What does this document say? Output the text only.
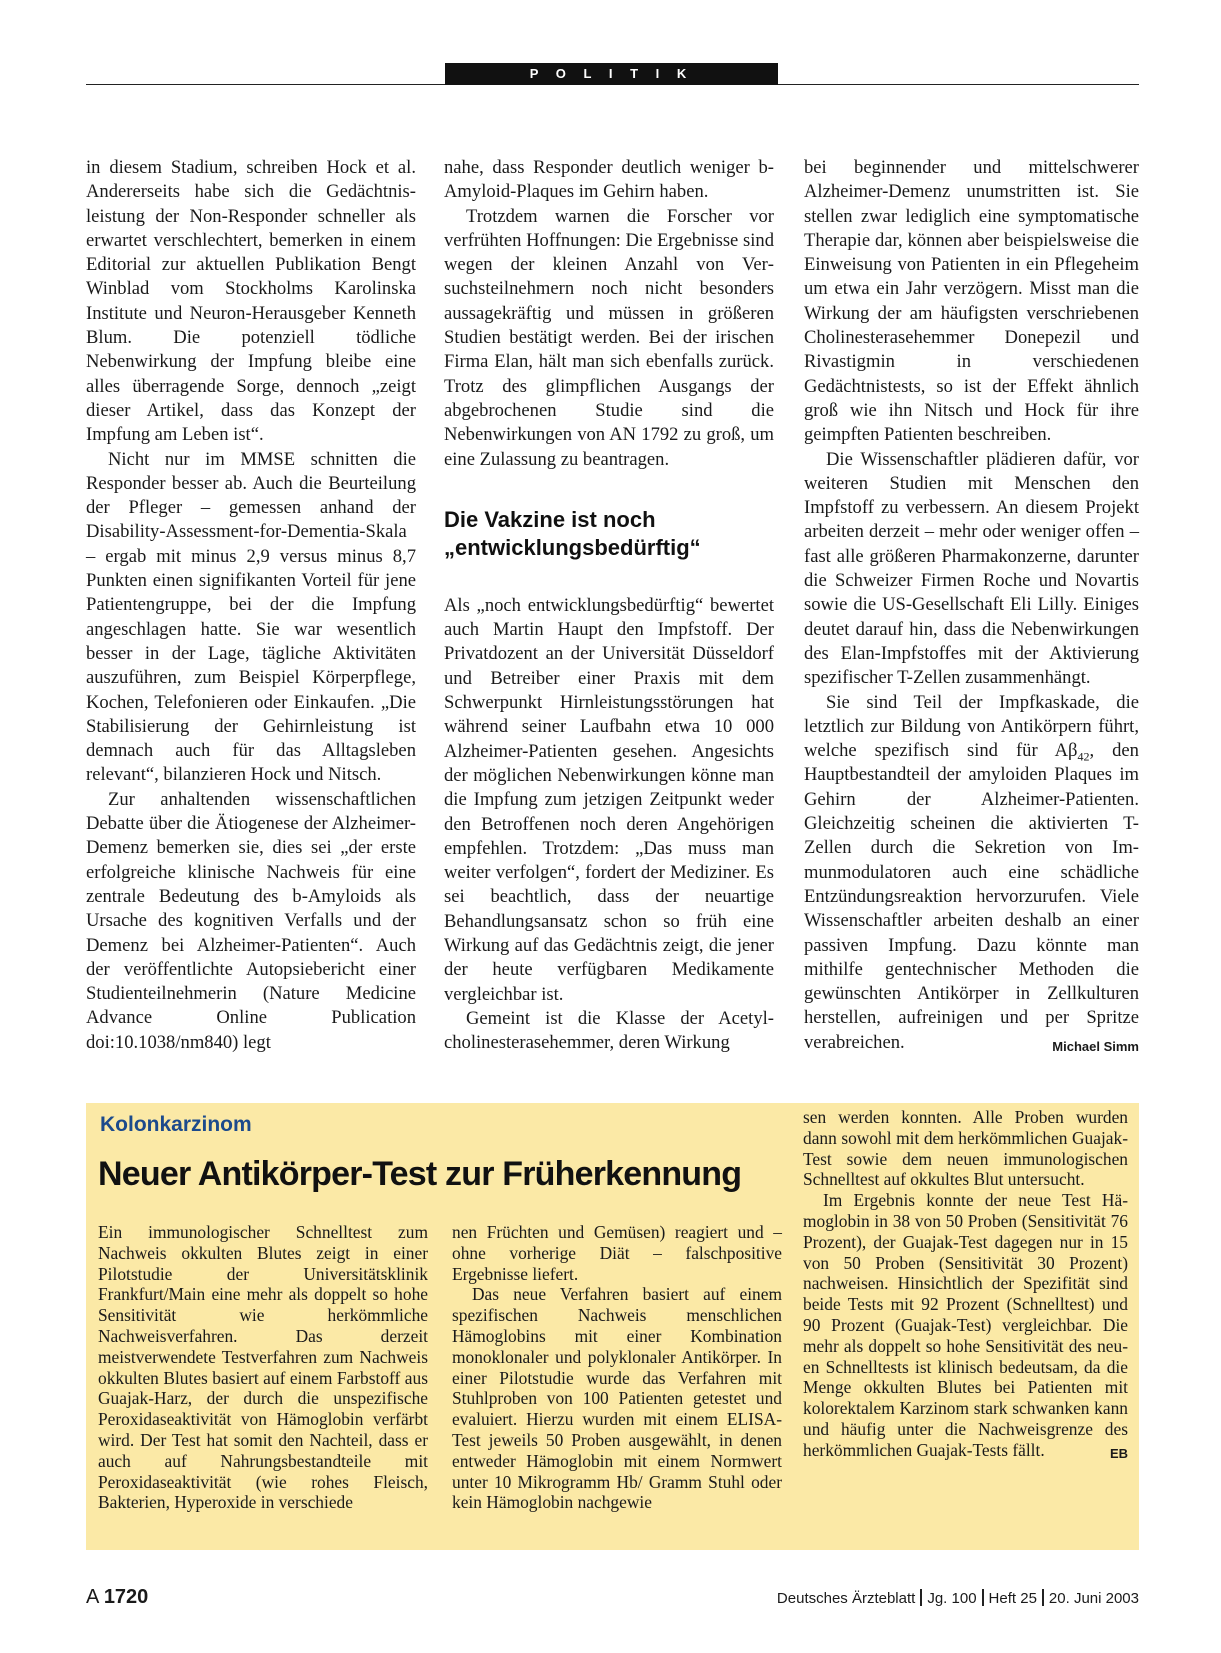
P O L I T I K

in diesem Stadium, schreiben Hock et al. Andererseits habe sich die Gedächtnisleistung der Non-Responder schneller als erwartet verschlechtert, bemerken in einem Editorial zur aktuellen Publikation Bengt Winblad vom Stockholms Karolinska Institute und Neuron-Herausgeber Kenneth Blum. Die potenziell tödliche Nebenwirkung der Impfung bleibe eine alles überragende Sorge, dennoch „zeigt dieser Artikel, dass das Konzept der Impfung am Leben ist“.

Nicht nur im MMSE schnitten die Responder besser ab. Auch die Beurteilung der Pfleger – gemessen anhand der Disability-Assessment-for-Dementia-Skala – ergab mit minus 2,9 versus minus 8,7 Punkten einen signifikanten Vorteil für jene Patientengruppe, bei der die Impfung angeschlagen hatte. Sie war wesentlich besser in der Lage, tägliche Aktivitäten auszuführen, zum Beispiel Körperpflege, Kochen, Telefonieren oder Einkaufen. „Die Stabilisierung der Gehirnleistung ist demnach auch für das Alltagsleben relevant“, bilanzieren Hock und Nitsch.

Zur anhaltenden wissenschaftlichen Debatte über die Ätiogenese der Alzheimer-Demenz bemerken sie, dies sei „der erste erfolgreiche klinische Nachweis für eine zentrale Bedeutung des b-Amyloids als Ursache des kognitiven Verfalls und der Demenz bei Alzheimer-Patienten“. Auch der veröffentlichte Autopsiebericht einer Studienteilnehmerin (Nature Medicine Advance Online Publication doi:10.1038/nm840) legt

nahe, dass Responder deutlich weniger b-Amyloid-Plaques im Gehirn haben.

Trotzdem warnen die Forscher vor verfrühten Hoffnungen: Die Ergebnisse sind wegen der kleinen Anzahl von Versuchsteilnehmern noch nicht besonders aussagekräftig und müssen in größeren Studien bestätigt werden. Bei der irischen Firma Elan, hält man sich ebenfalls zurück. Trotz des glimpflichen Ausgangs der abgebrochenen Studie sind die Nebenwirkungen von AN 1792 zu groß, um eine Zulassung zu beantragen.

Die Vakzine ist noch
„entwicklungsbedürftig“

Als „noch entwicklungsbedürftig“ bewertet auch Martin Haupt den Impfstoff. Der Privatdozent an der Universität Düsseldorf und Betreiber einer Praxis mit dem Schwerpunkt Hirnleistungsstörungen hat während seiner Laufbahn etwa 10 000 Alzheimer-Patienten gesehen. Angesichts der möglichen Nebenwirkungen könne man die Impfung zum jetzigen Zeitpunkt weder den Betroffenen noch deren Angehörigen empfehlen. Trotzdem: „Das muss man weiter verfolgen“, fordert der Mediziner. Es sei beachtlich, dass der neuartige Behandlungsansatz schon so früh eine Wirkung auf das Gedächtnis zeigt, die jener der heute verfügbaren Medikamente vergleichbar ist.

Gemeint ist die Klasse der Acetylcholinesterasehemmer, deren Wirkung

bei beginnender und mittelschwerer Alzheimer-Demenz unumstritten ist. Sie stellen zwar lediglich eine symptomatische Therapie dar, können aber beispielsweise die Einweisung von Patienten in ein Pflegeheim um etwa ein Jahr verzögern. Misst man die Wirkung der am häufigsten verschriebenen Cholinesterasehemmer Donepezil und Rivastigmin in verschiedenen Gedächtnistests, so ist der Effekt ähnlich groß wie ihn Nitsch und Hock für ihre geimpften Patienten beschreiben.

Die Wissenschaftler plädieren dafür, vor weiteren Studien mit Menschen den Impfstoff zu verbessern. An diesem Projekt arbeiten derzeit – mehr oder weniger offen – fast alle größeren Pharmakonzerne, darunter die Schweizer Firmen Roche und Novartis sowie die US-Gesellschaft Eli Lilly. Einiges deutet darauf hin, dass die Nebenwirkungen des Elan-Impfstoffes mit der Aktivierung spezifischer T-Zellen zusammenhängt.

Sie sind Teil der Impfkaskade, die letztlich zur Bildung von Antikörpern führt, welche spezifisch sind für $A\beta_{42}$, den Hauptbestandteil der amyloiden Plaques im Gehirn der Alzheimer-Patienten. Gleichzeitig scheinen die aktivierten T-Zellen durch die Sekretion von Immunmodulatoren auch eine schädliche Entzündungsreaktion hervorzurufen. Viele Wissenschaftler arbeiten deshalb an einer passiven Impfung. Dazu könnte man mithilfe gentechnischer Methoden die gewünschten Antikörper in Zellkulturen herstellen, aufreinigen und per Spritze verabreichen.	Michael Simm

Kolonkarzinom
Neuer Antikörper-Test zur Früherkennung

Ein immunologischer Schnelltest zum Nachweis okkulten Blutes zeigt in einer Pilotstudie der Universitätsklinik Frankfurt/Main eine mehr als doppelt so hohe Sensitivität wie herkömmliche Nachweisverfahren. Das derzeit meistverwendete Testverfahren zum Nachweis okkulten Blutes basiert auf einem Farbstoff aus Guajak-Harz, der durch die unspezifische Peroxidaseaktivität von Hämoglobin verfärbt wird. Der Test hat somit den Nachteil, dass er auch auf Nahrungsbestandteile mit Peroxidaseaktivität (wie rohes Fleisch, Bakterien, Hyperoxide in verschiede

nen Früchten und Gemüsen) reagiert und – ohne vorherige Diät – falschpositive Ergebnisse liefert.

Das neue Verfahren basiert auf einem spezifischen Nachweis menschlichen Hämoglobins mit einer Kombination monoklonaler und polyklonaler Antikörper. In einer Pilotstudie wurde das Verfahren mit Stuhlproben von 100 Patienten getestet und evaluiert. Hierzu wurden mit einem ELISA-Test jeweils 50 Proben ausgewählt, in denen entweder Hämoglobin mit einem Normwert unter 10 Mikrogramm Hb/ Gramm Stuhl oder kein Hämoglobin nachgewie

sen werden konnten. Alle Proben wurden dann sowohl mit dem herkömmlichen Guajak-Test sowie dem neuen immunologischen Schnelltest auf okkultes Blut untersucht.

Im Ergebnis konnte der neue Test Hämoglobin in 38 von 50 Proben (Sensitivität 76 Prozent), der Guajak-Test dagegen nur in 15 von 50 Proben (Sensitivität 30 Prozent) nachweisen. Hinsichtlich der Spezifität sind beide Tests mit 92 Prozent (Schnelltest) und 90 Prozent (Guajak-Test) vergleichbar. Die mehr als doppelt so hohe Sensitivität des neuen Schnelltests ist klinisch bedeutsam, da die Menge okkulten Blutes bei Patienten mit kolorektalem Karzinom stark schwanken kann und häufig unter die Nachweisgrenze des herkömmlichen Guajak-Tests fällt.	EB

A 1720	Deutsches Ärzteblatt Jg. 100 Heft 25 20. Juni 2003
